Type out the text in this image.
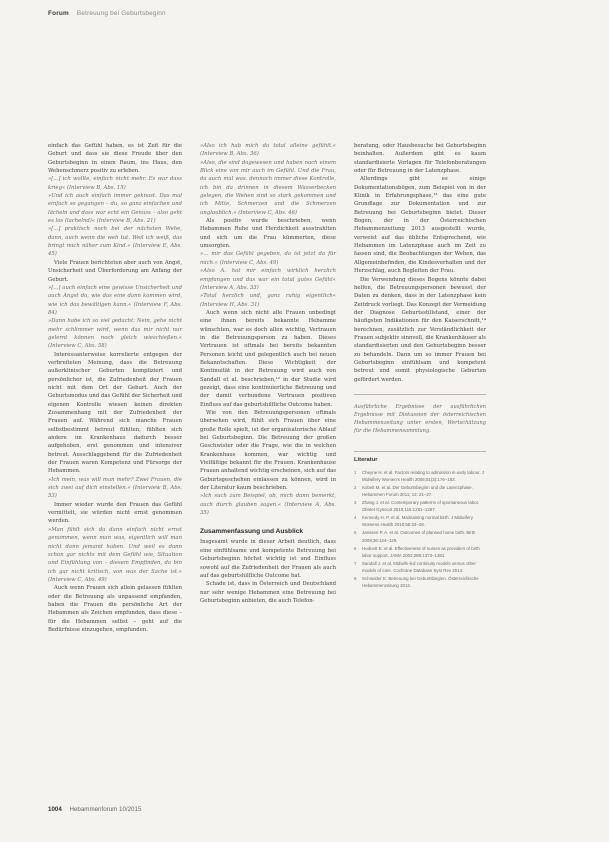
Forum Betreuung bei Geburtsbeginn

einfach das Gefühl haben, es ist Zeit für die Geburt und dass sie diese Freude über den Geburtsbeginn in einen Raum, ins Haus, den Wehenschmerz positiv zu erleben.

»[...] ich wollte, einfach nicht mehr. Es war dass krieg« (Interview B, Abs. 15)

»Und ich auch einfach immer geknast. Das mal einfach so gegangen – du, so ganz einfachen und lächeln und dass war echt ein Genuss – also geht es los (lachelnd)« (Interview B, Abs. 21)

»[...] praktisch noch bei der nächsten Wehe, dann, auch wenn die weh tut. Weil ich weiß, das bringt mich näher zum Kind.« (Interview E, Abs. 45)

Viele Frauen berichteten aber auch von Angst, Unsicherheit und Überforderung am Anfang der Geburt.

»[...] auch einfach eine gewisse Unsicherheit und auch Angst da, wie das eine dann kommen wird, wie ich das bewältigen kann.« (Interview F, Abs. 84)

»Dann habe ich so viel gedacht: Nein, gehe nicht mehr schlimmer wird, wenn das mir nicht nur gelernt können noch gleich wieschießen.« (Interview C, Abs. 58)

Interessanterweise korrelierte entgegen der verbreiteten Meinung, dass die Betreuung außerklinischer Geburten kompliziert und persönlicher ist, die Zufriedenheit der Frauen nicht mit dem Ort der Geburt. Auch der Geburtsmodus und das Gefühl der Sicherheit und eigenen Kontrolle wiesen keinen direkten Zusammenhang mit der Zufriedenheit der Frauen auf. Während sich manche Frauen selbstbestimmt betreut fühlten, fühlten sich andere im Krankenhaus dadurch besser aufgehoben, erst genommen und intensiver betreut. Ausschlaggebend für die Zufriedenheit der Frauen waren Kompetenz und Fürsorge der Hebammen.

»Ich mein, was will man mehr? Zwei Frauen, die sich zwei auf dich einstellen.« (Interview B, Abs. 53)

Immer wieder wurde den Frauen das Gefühl vermittelt, sie würden nicht ernst genommen werden.

»Man fühlt sich da dann einfach nicht ernst genommen, wenn man was, eigentlich will man nicht dann jemand haben. Und weil es dann schon gar nichts mit dem Gefühl wie, Situation und Einfühlung von – diesem Empfinden, da bin ich gar nicht kritisch, von was der Sache ist.« (Interview C, Abs. 49)

Auch wenn Frauen sich allein gelassen fühlten oder die Betreuung als unpassend empfanden, haben die Frauen die persönliche Art der Hebammen als Zeichen empfunden, dass diese – für die Hebammen selbst – geht auf die Bedürfnisse einzugehen, empfunden.

»Also ich hab mich da total alleine gefühlt.« (Interview B, Abs. 36)

»Also, die sind dagewesen und haben nach einem Blick eine von mir auch im Gefühl. Und die Frau, da auch mal was. dennoch immer diese Kontrolle, ich bin da drinnen in diesem Wasserbecken gelegen, die Wehen sind so stark gekommen und ich Mitte, Schmerzen und die Schmerzen unglaublich.« (Interview C, Abs. 46)

Als positiv wurde beschrieben, wenn Hebammen Ruhe und Herzlichkeit ausstrahlten und sich um die Frau kümmerten, diese umsorgten.

»... mir das Gefühl gegeben, da ist jetzt da für mich.« (Interview C, Abs. 49)

»Also A. hat mir einfach wirklich herzlich empfangen und das war ein total gutes Gefühl« (Interview A, Abs. 33)

»Total herzlich und, ganz ruhig eigentlich« (Interview H, Abs. 31)

Auch wenn sich nicht alle Frauen unbedingt eine ihnen bereits bekannte Hebamme wünschten, war es doch allen wichtig, Vertrauen in die Betreuungsperson zu haben. Dieses Vertrauen ist oftmals bei bereits bekannten Personen leicht und gelegentlich auch bei neuen Bekanntschaften. Diese Wichtigkeit der Kontinuität in der Betreuung wird auch von Sandall et al. beschrieben,¹² in der Studie wird gezeigt, dass eine kontinuierliche Betreuung und der damit verbundene Vertrauen positiven Einfluss auf das geburtshilfliche Outcome haben.

Wie von den Betreuungspersonen oftmals übersehen wird, fühlt sich Frauen über eine große Rolle spielt, ist der organisatorische Ablauf bei Geburtsbeginn. Die Betreuung der großen Geschwister oder die Frage, wie die in welchen Krankenhaus kommen, war wichtig und Vielfältige bekannt für die Frauen. Krankenhause Frauen anhaltend wichtig erscheinen, sich auf das Geburtsgeschehen einlassen zu können, wird in der Literatur kaum beschrieben.

»Ich such zum Beispiel, ob, mich dann bemerkt, auch durch glauben sagen.« (Interview A, Abs. 35)

Zusammenfassung und Ausblick

Insgesamt wurde in dieser Arbeit deutlich, dass eine einfühlsame und kompetente Betreuung bei Geburtsbeginn höchst wichtig ist und Einfluss sowohl auf die Zufriedenheit der Frauen als auch auf das geburtshilfliche Outcome hat.

Schade ist, dass in Österreich und Deutschland nur sehr wenige Hebammen eine Betreuung bei Geburtsbeginn anbieten, die auch Telefon-

beratung, oder Hausbesuche bei Geburtsbeginn beinhalten. Außerdem gibt es kaum standardisierte Vorlagen für Telefonberatungen oder für Betreuung in der Latenzphase.

Allerdings gibt es einige Dokumentationsbögen, zum Beispiel von in der Klinik in Erfahrungsphase,¹³ das eine gute Grundlage zur Dokumentation und zur Betreuung bei Geburtsbeginn bietet. Dieser Bogen, der in der Österreichischen Hebammenzeitung 2013 ausgestellt wurde, verweist auf das übliche Entsprechend, wie Hebammen im Latenzphase auch im Zeit zu fassen sind, die Beobachtungen der Wehen, das Allgemeinbefinden, die Kindesverhalten und der Herzschlag, auch Begleiten der Frau.

Die Verwendung dieses Bogens könnte dabei helfen, die Betreuungspersonen bewusst der Daten zu denken, dass in der Latenzphase kein Zeitdruck vorliegt. Das Konzept der Vermeidung der Diagnose Geburtsstillstand, einer der häufigsten Indikationen für den Kaiserschnitt,¹⁴ berechnen, zusätzlich zur Verständlichkeit der Frauen subjektiv sinnvoll, die Krankenhäuser als standardisierten und den Geburtsbeginn besser zu behandeln. Dann um so immer Frauen bei Geburtsbeginn einfühlsam und kompetent betreut und somit physiologische Geburten gefördert werden.

Ausführliche Ergebnisse der ausführlichen Ergebnisse mit Diskussion der österreichischen Hebammenzeitung unter ersten, Wertschätzung für die Hebammensammlung.
Literatur
1 Cheyne H. et al. Factors relating to admission in early labour. J Midwifery Women's Health 2006;51(3):176–183.
2 Kobelt M. et al. Der Geburtsbeginn und die Latenzphase. Hebammen Forum 2011; 12: 21–27.
3 Zhang J. et al. Contemporary patterns of spontaneous labor. Obstet Gynecol 2010;116:1281–1287.
4 Kennedy H. P. et al. Maintaining normal birth. J Midwifery Womens Health 2010;55:23–28.
5 Janssen P. A. et al. Outcomes of planned home birth. Birth 2009;36:124–129.
6 Hodnett E. et al. Effectiveness of nurses as providers of birth labor support. JAMA 2002;288:1373–1381.
7 Sandall J. et al. Midwife-led continuity models versus other models of care. Cochrane Database Syst Rev 2013.
8 Schneider E. Betreuung bei Geburtsbeginn. Österreichische Hebammenzeitung 2013.
1004 Hebammenforum 10/2015
